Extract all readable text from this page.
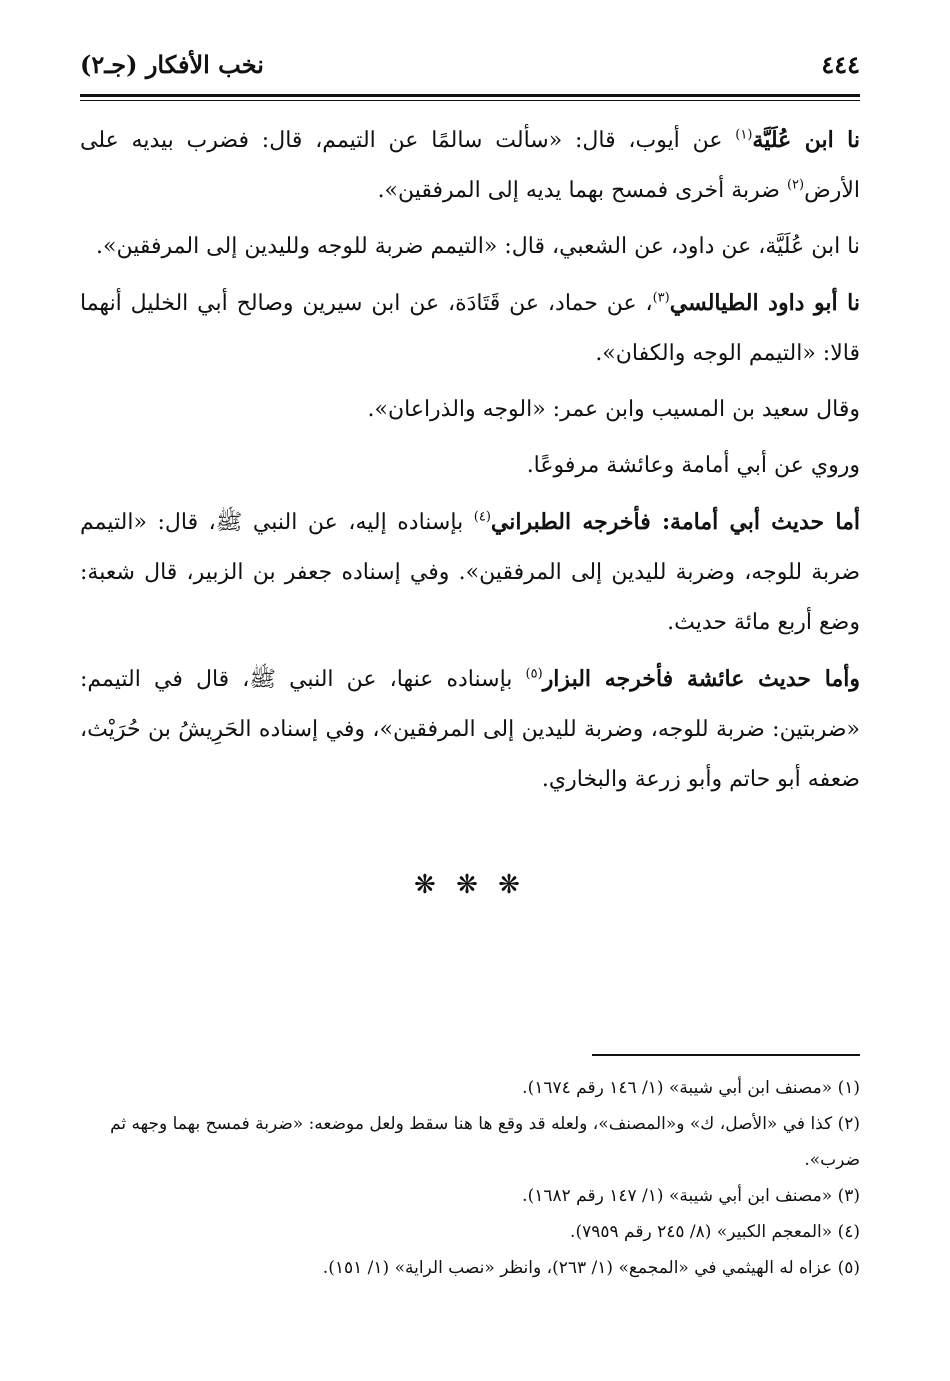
٤٤٤
نخب الأفكار (جـ٢)

نا ابن عُلَيَّة$^{(١)}$ عن أيوب، قال: «سألت سالمًا عن التيمم، قال: فضرب بيديه على الأرض$^{(٢)}$ ضربة أخرى فمسح بهما يديه إلى المرفقين».

نا ابن عُلَيَّة، عن داود، عن الشعبي، قال: «التيمم ضربة للوجه ولليدين إلى المرفقين».

نا أبو داود الطيالسي$^{(٣)}$، عن حماد، عن قَتَادَة، عن ابن سيرين وصالح أبي الخليل أنهما قالا: «التيمم الوجه والكفان».

وقال سعيد بن المسيب وابن عمر: «الوجه والذراعان».

وروي عن أبي أمامة وعائشة مرفوعًا.

أما حديث أبي أمامة: فأخرجه الطبراني$^{(٤)}$ بإسناده إليه، عن النبي ﷺ، قال: «التيمم ضربة للوجه، وضربة لليدين إلى المرفقين». وفي إسناده جعفر بن الزبير، قال شعبة: وضع أربع مائة حديث.

وأما حديث عائشة فأخرجه البزار$^{(٥)}$ بإسناده عنها، عن النبي ﷺ، قال في التيمم: «ضربتين: ضربة للوجه، وضربة لليدين إلى المرفقين»، وفي إسناده الحَرِيشُ بن حُرَيْث، ضعفه أبو حاتم وأبو زرعة والبخاري.

❋ ❋ ❋
(١) «مصنف ابن أبي شيبة» (١/ ١٤٦ رقم ١٦٧٤).
(٢) كذا في «الأصل، ك» و«المصنف»، ولعله قد وقع ها هنا سقط ولعل موضعه: «ضربة فمسح بهما وجهه ثم ضرب».
(٣) «مصنف ابن أبي شيبة» (١/ ١٤٧ رقم ١٦٨٢).
(٤) «المعجم الكبير» (٨/ ٢٤٥ رقم ٧٩٥٩).
(٥) عزاه له الهيثمي في «المجمع» (١/ ٢٦٣)، وانظر «نصب الراية» (١/ ١٥١).
